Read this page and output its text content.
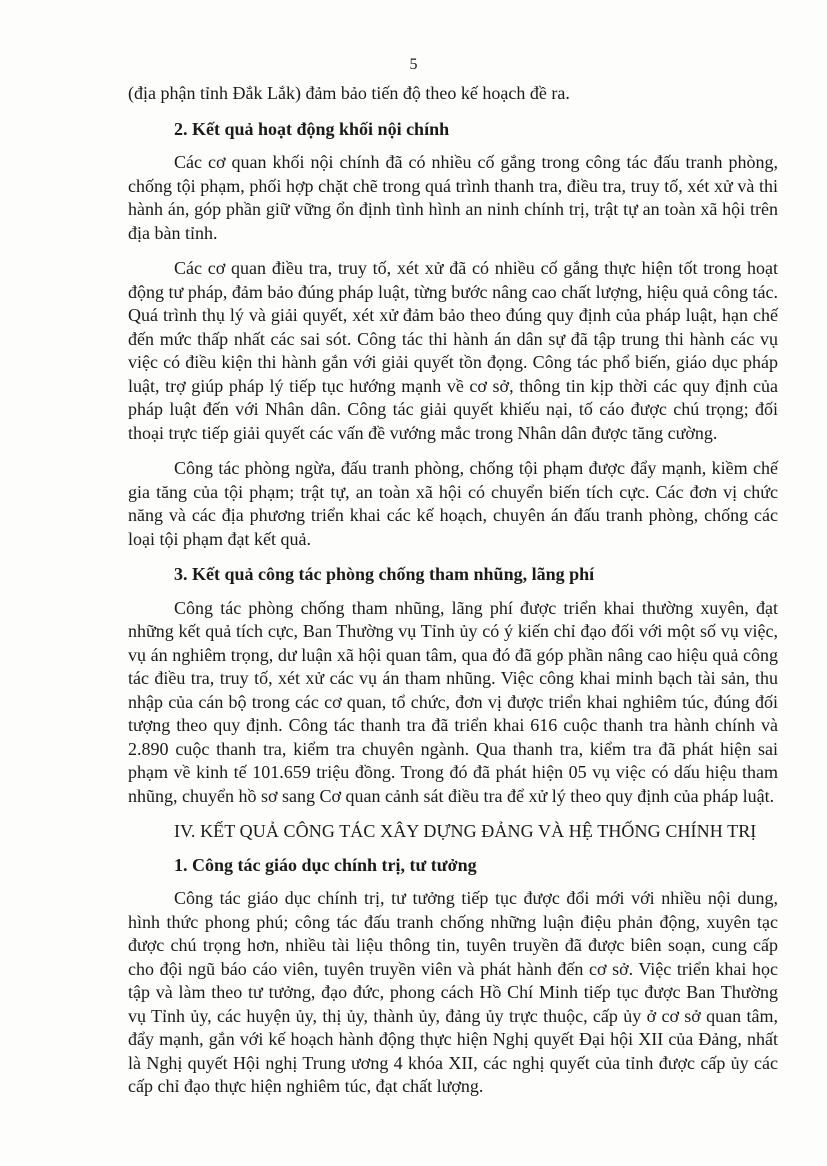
5

(địa phận tỉnh Đắk Lắk) đảm bảo tiến độ theo kế hoạch đề ra.

2. Kết quả hoạt động khối nội chính

Các cơ quan khối nội chính đã có nhiều cố gắng trong công tác đấu tranh phòng, chống tội phạm, phối hợp chặt chẽ trong quá trình thanh tra, điều tra, truy tố, xét xử và thi hành án, góp phần giữ vững ổn định tình hình an ninh chính trị, trật tự an toàn xã hội trên địa bàn tỉnh.

Các cơ quan điều tra, truy tố, xét xử đã có nhiều cố gắng thực hiện tốt trong hoạt động tư pháp, đảm bảo đúng pháp luật, từng bước nâng cao chất lượng, hiệu quả công tác. Quá trình thụ lý và giải quyết, xét xử đảm bảo theo đúng quy định của pháp luật, hạn chế đến mức thấp nhất các sai sót. Công tác thi hành án dân sự đã tập trung thi hành các vụ việc có điều kiện thi hành gắn với giải quyết tồn đọng. Công tác phổ biến, giáo dục pháp luật, trợ giúp pháp lý tiếp tục hướng mạnh về cơ sở, thông tin kịp thời các quy định của pháp luật đến với Nhân dân. Công tác giải quyết khiếu nại, tố cáo được chú trọng; đối thoại trực tiếp giải quyết các vấn đề vướng mắc trong Nhân dân được tăng cường.

Công tác phòng ngừa, đấu tranh phòng, chống tội phạm được đẩy mạnh, kiềm chế gia tăng của tội phạm; trật tự, an toàn xã hội có chuyển biến tích cực. Các đơn vị chức năng và các địa phương triển khai các kế hoạch, chuyên án đấu tranh phòng, chống các loại tội phạm đạt kết quả.

3. Kết quả công tác phòng chống tham nhũng, lãng phí

Công tác phòng chống tham nhũng, lãng phí được triển khai thường xuyên, đạt những kết quả tích cực, Ban Thường vụ Tỉnh ủy có ý kiến chỉ đạo đối với một số vụ việc, vụ án nghiêm trọng, dư luận xã hội quan tâm, qua đó đã góp phần nâng cao hiệu quả công tác điều tra, truy tố, xét xử các vụ án tham nhũng. Việc công khai minh bạch tài sản, thu nhập của cán bộ trong các cơ quan, tổ chức, đơn vị được triển khai nghiêm túc, đúng đối tượng theo quy định. Công tác thanh tra đã triển khai 616 cuộc thanh tra hành chính và 2.890 cuộc thanh tra, kiểm tra chuyên ngành. Qua thanh tra, kiểm tra đã phát hiện sai phạm về kinh tế 101.659 triệu đồng. Trong đó đã phát hiện 05 vụ việc có dấu hiệu tham nhũng, chuyển hồ sơ sang Cơ quan cảnh sát điều tra để xử lý theo quy định của pháp luật.

IV. KẾT QUẢ CÔNG TÁC XÂY DỰNG ĐẢNG VÀ HỆ THỐNG CHÍNH TRỊ
1. Công tác giáo dục chính trị, tư tưởng

Công tác giáo dục chính trị, tư tưởng tiếp tục được đổi mới với nhiều nội dung, hình thức phong phú; công tác đấu tranh chống những luận điệu phản động, xuyên tạc được chú trọng hơn, nhiều tài liệu thông tin, tuyên truyền đã được biên soạn, cung cấp cho đội ngũ báo cáo viên, tuyên truyền viên và phát hành đến cơ sở. Việc triển khai học tập và làm theo tư tưởng, đạo đức, phong cách Hồ Chí Minh tiếp tục được Ban Thường vụ Tỉnh ủy, các huyện ủy, thị ủy, thành ủy, đảng ủy trực thuộc, cấp ủy ở cơ sở quan tâm, đẩy mạnh, gắn với kế hoạch hành động thực hiện Nghị quyết Đại hội XII của Đảng, nhất là Nghị quyết Hội nghị Trung ương 4 khóa XII, các nghị quyết của tỉnh được cấp ủy các cấp chỉ đạo thực hiện nghiêm túc, đạt chất lượng.
